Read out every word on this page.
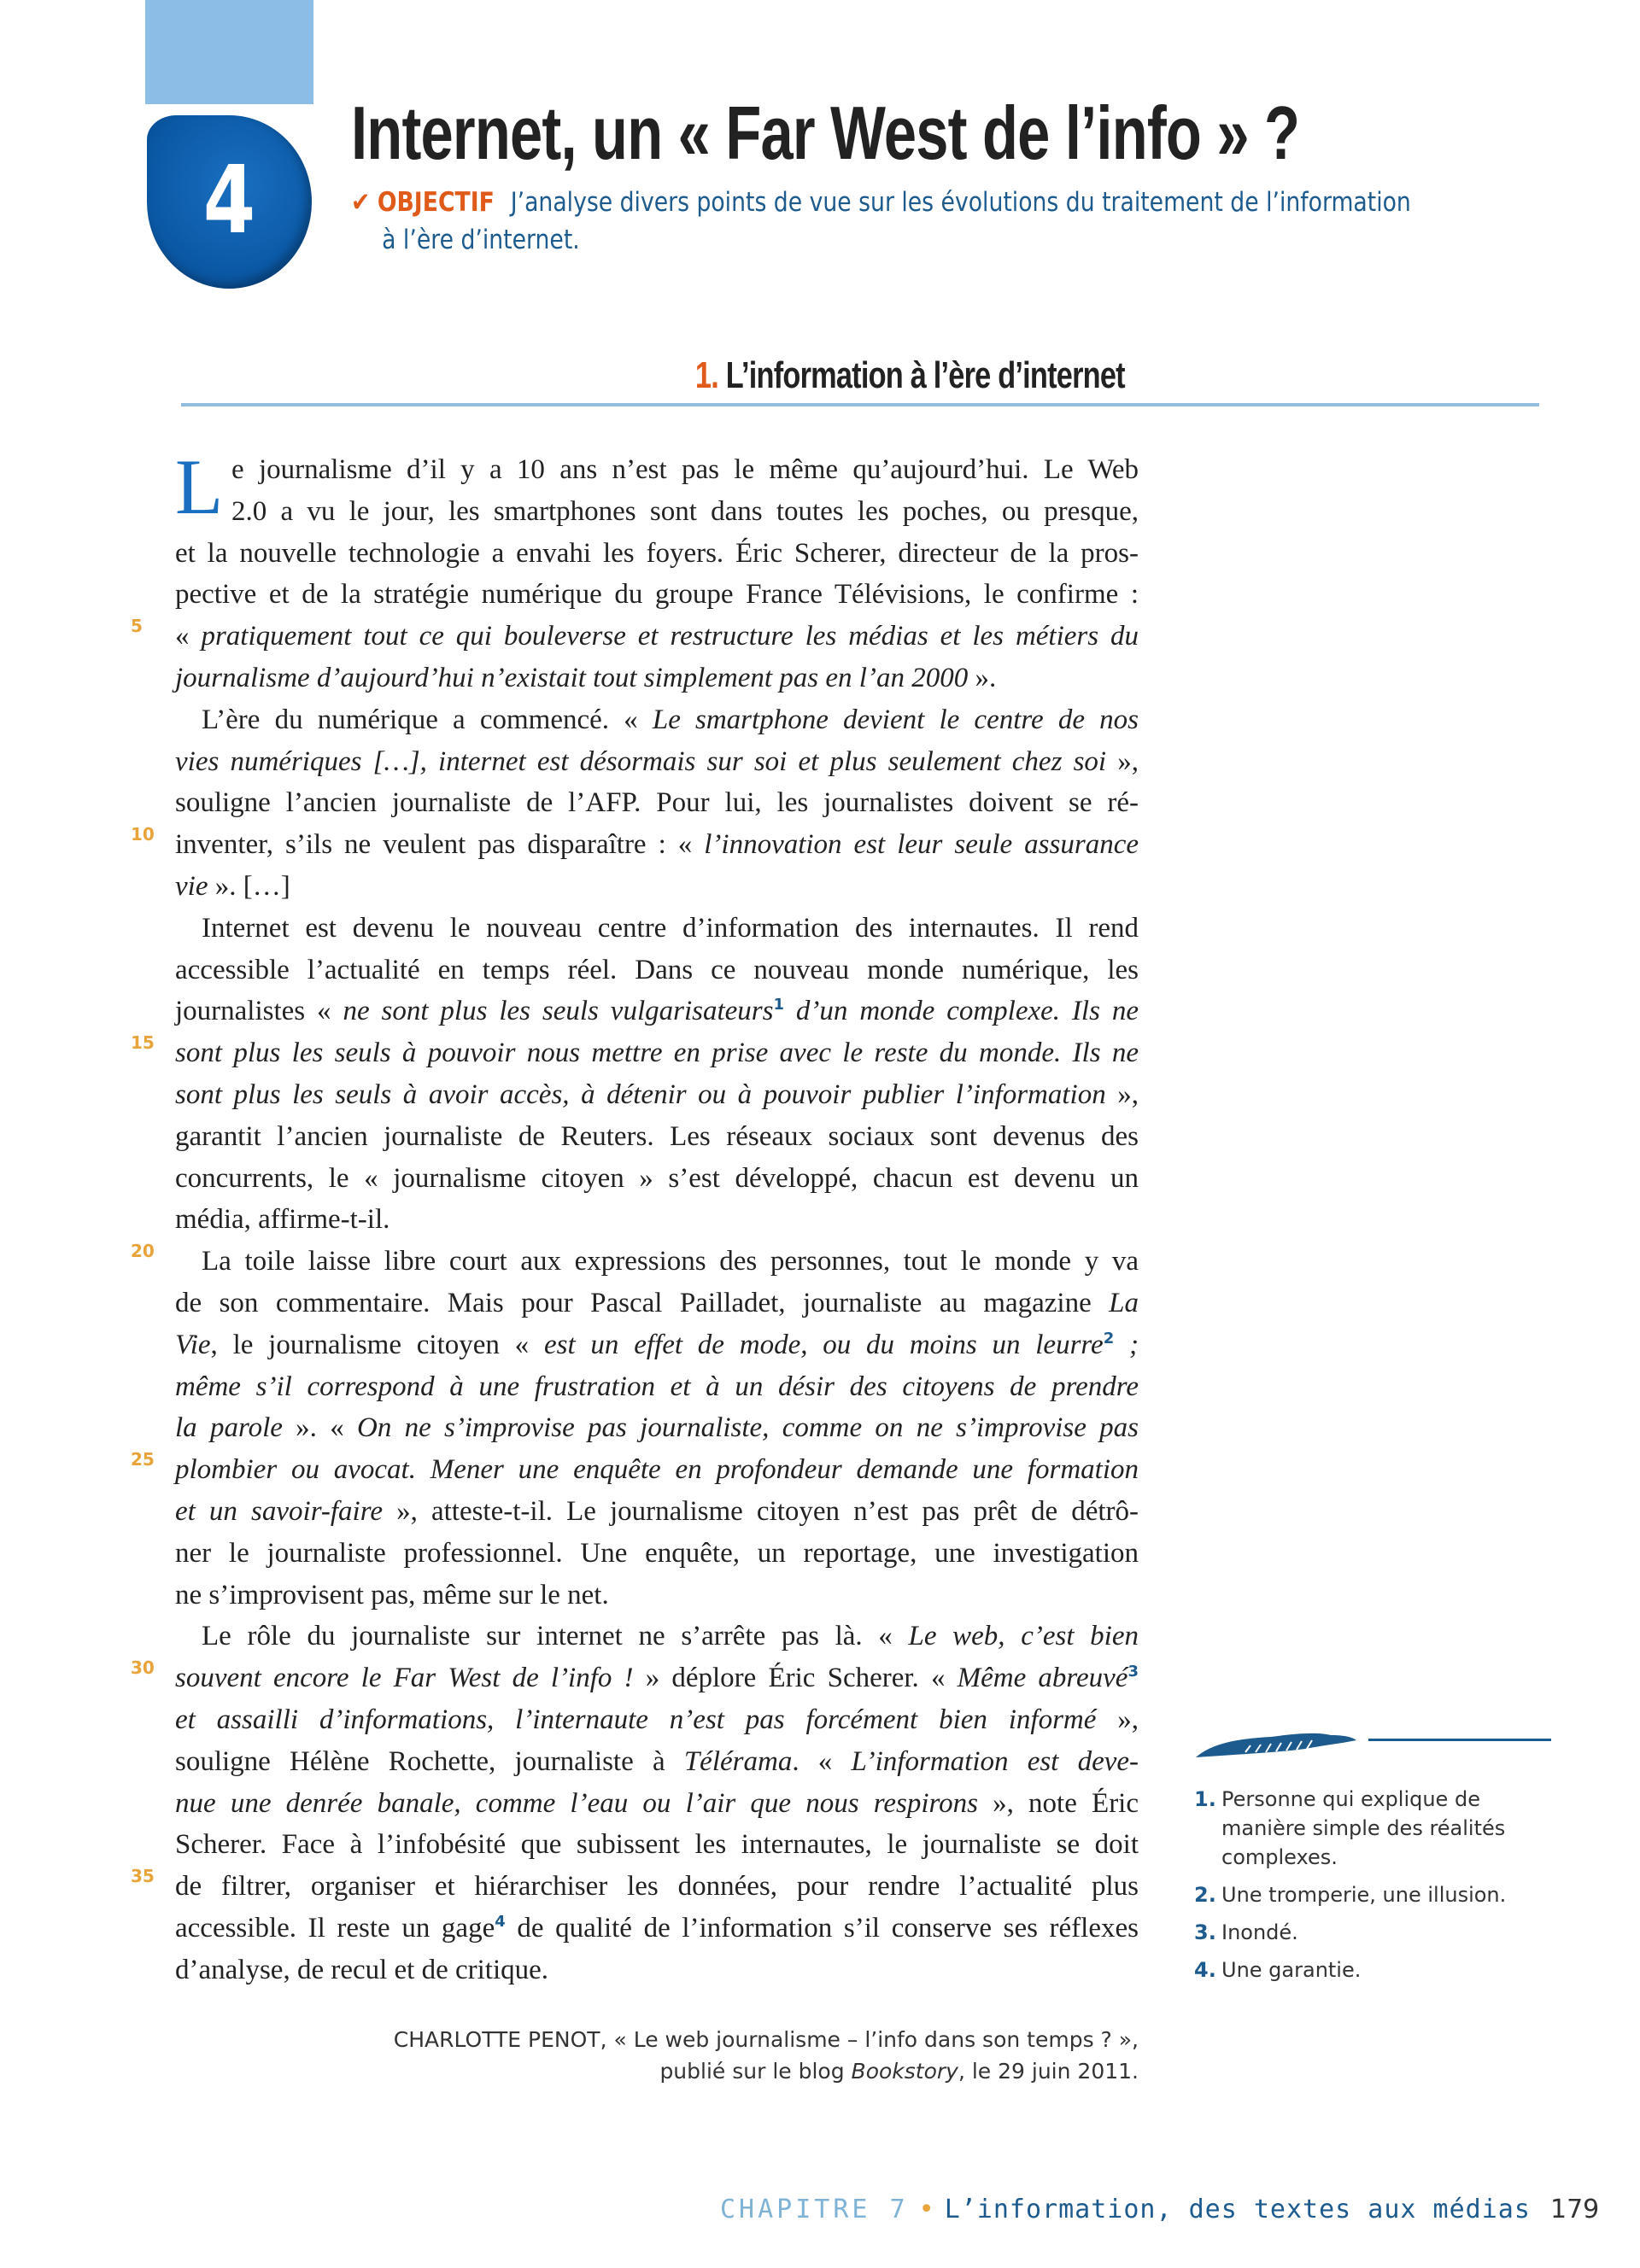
4
Internet, un « Far West de l’info » ?
✔ OBJECTIF J’analyse divers points de vue sur les évolutions du traitement de l’information
à l’ère d’internet.
1. L’information à l’ère d’internet
L e journalisme d’il y a 10 ans n’est pas le même qu’aujourd’hui. Le Web
2.0 a vu le jour, les smartphones sont dans toutes les poches, ou presque,
et la nouvelle technologie a envahi les foyers. Éric Scherer, directeur de la pros-
pective et de la stratégie numérique du groupe France Télévisions, le confirme :
5	« pratiquement tout ce qui bouleverse et restructure les médias et les métiers du
journalisme d’aujourd’hui n’existait tout simplement pas en l’an 2000 ».
L’ère du numérique a commencé. « Le smartphone devient le centre de nos
vies numériques […], internet est désormais sur soi et plus seulement chez soi »,
souligne l’ancien journaliste de l’AFP. Pour lui, les journalistes doivent se ré-
10 inventer, s’ils ne veulent pas disparaître : « l’innovation est leur seule assurance
vie ». […]
Internet est devenu le nouveau centre d’information des internautes. Il rend
accessible l’actualité en temps réel. Dans ce nouveau monde numérique, les
journalistes « ne sont plus les seuls vulgarisateurs$^1$ d’un monde complexe. Ils ne
15 sont plus les seuls à pouvoir nous mettre en prise avec le reste du monde. Ils ne
sont plus les seuls à avoir accès, à détenir ou à pouvoir publier l’information »,
garantit l’ancien journaliste de Reuters. Les réseaux sociaux sont devenus des
concurrents, le « journalisme citoyen » s’est développé, chacun est devenu un
média, affirme-t-il.
20 La toile laisse libre court aux expressions des personnes, tout le monde y va
de son commentaire. Mais pour Pascal Pailladet, journaliste au magazine La
Vie, le journalisme citoyen « est un effet de mode, ou du moins un leurre$^2$ ;
même s’il correspond à une frustration et à un désir des citoyens de prendre
la parole ». « On ne s’improvise pas journaliste, comme on ne s’improvise pas
25 plombier ou avocat. Mener une enquête en profondeur demande une formation
et un savoir-faire », atteste-t-il. Le journalisme citoyen n’est pas prêt de détrô-
ner le journaliste professionnel. Une enquête, un reportage, une investigation
ne s’improvisent pas, même sur le net.
Le rôle du journaliste sur internet ne s’arrête pas là. « Le web, c’est bien
30 souvent encore le Far West de l’info ! » déplore Éric Scherer. « Même abreuvé$^3$
et assailli d’informations, l’internaute n’est pas forcément bien informé »,
souligne Hélène Rochette, journaliste à Télérama. « L’information est deve-
nue une denrée banale, comme l’eau ou l’air que nous respirons », note Éric
Scherer. Face à l’infobésité que subissent les internautes, le journaliste se doit
35 de filtrer, organiser et hiérarchiser les données, pour rendre l’actualité plus
accessible. Il reste un gage$^4$ de qualité de l’information s’il conserve ses réflexes
d’analyse, de recul et de critique.
CHARLOTTE PENOT, « Le web journalisme – l’info dans son temps ? »,
publié sur le blog Bookstory, le 29 juin 2011.
1. Personne qui explique de manière simple des réalités complexes.
2. Une tromperie, une illusion.
3. Inondé.
4. Une garantie.
CHAPITRE 7 • L’information, des textes aux médias 179
